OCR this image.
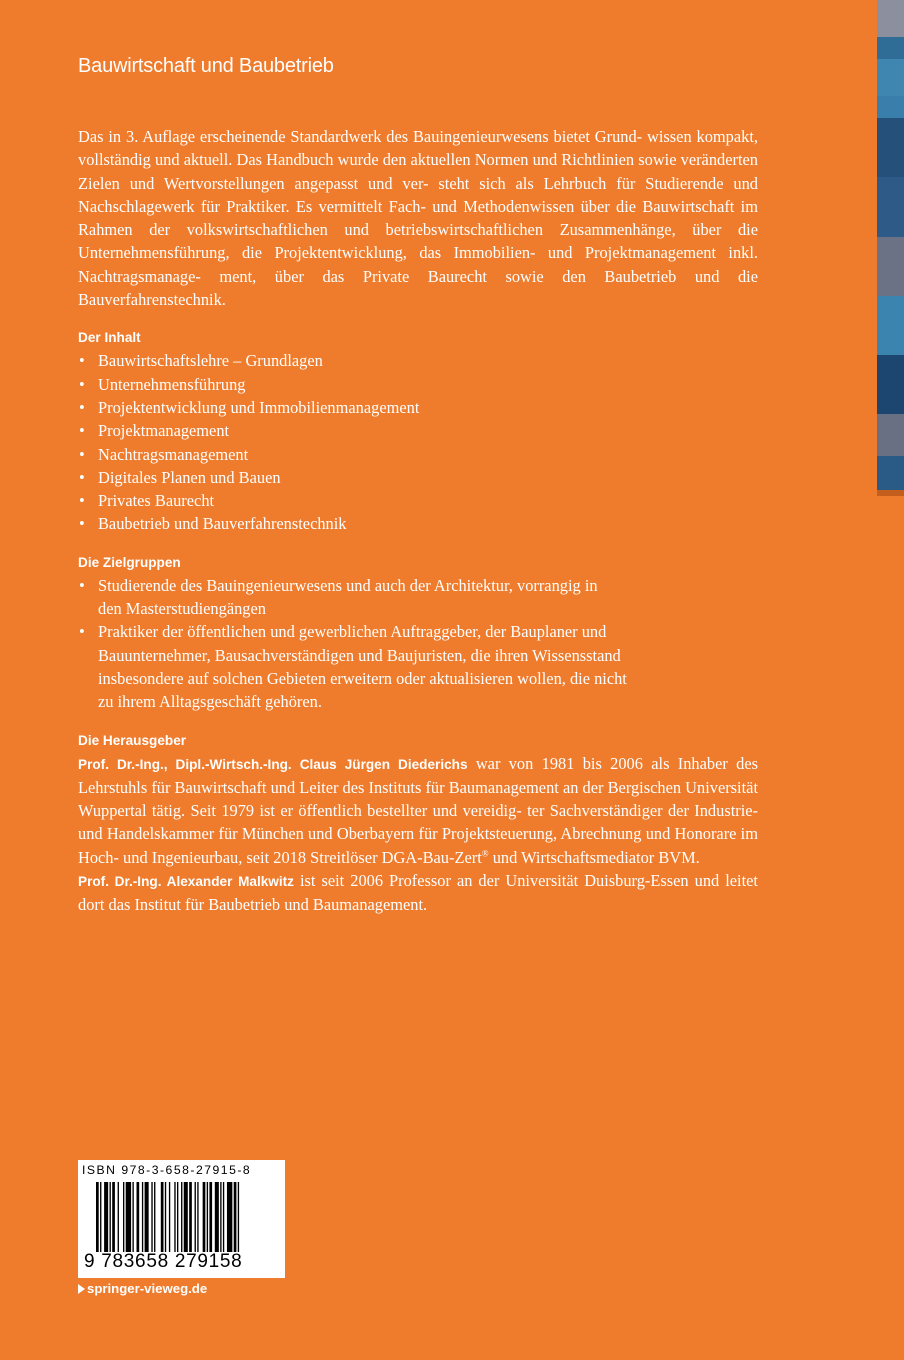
Bauwirtschaft und Baubetrieb

Das in 3. Auflage erscheinende Standardwerk des Bauingenieurwesens bietet Grund- wissen kompakt, vollständig und aktuell. Das Handbuch wurde den aktuellen Normen und Richtlinien sowie veränderten Zielen und Wertvorstellungen angepasst und ver- steht sich als Lehrbuch für Studierende und Nachschlagewerk für Praktiker. Es vermittelt Fach- und Methodenwissen über die Bauwirtschaft im Rahmen der volkswirtschaftlichen und betriebswirtschaftlichen Zusammenhänge, über die Unternehmensführung, die Projektentwicklung, das Immobilien- und Projektmanagement inkl. Nachtragsmanage- ment, über das Private Baurecht sowie den Baubetrieb und die Bauverfahrenstechnik.

Der Inhalt
• Bauwirtschaftslehre – Grundlagen
• Unternehmensführung
• Projektentwicklung und Immobilienmanagement
• Projektmanagement
• Nachtragsmanagement
• Digitales Planen und Bauen
• Privates Baurecht
• Baubetrieb und Bauverfahrenstechnik
Die Zielgruppen
• Studierende des Bauingenieurwesens und auch der Architektur, vorrangig in
den Masterstudiengängen
• Praktiker der öffentlichen und gewerblichen Auftraggeber, der Bauplaner und
Bauunternehmer, Bausachverständigen und Baujuristen, die ihren Wissensstand
insbesondere auf solchen Gebieten erweitern oder aktualisieren wollen, die nicht
zu ihrem Alltagsgeschäft gehören.
Die Herausgeber

Prof. Dr.-Ing., Dipl.-Wirtsch.-Ing. Claus Jürgen Diederichs war von 1981 bis 2006 als Inhaber des Lehrstuhls für Bauwirtschaft und Leiter des Instituts für Baumanagement an der Bergischen Universität Wuppertal tätig. Seit 1979 ist er öffentlich bestellter und vereidig- ter Sachverständiger der Industrie- und Handelskammer für München und Oberbayern für Projektsteuerung, Abrechnung und Honorare im Hoch- und Ingenieurbau, seit 2018 Streitlöser DGA-Bau-Zert® und Wirtschaftsmediator BVM.

Prof. Dr.-Ing. Alexander Malkwitz ist seit 2006 Professor an der Universität Duisburg-Essen und leitet dort das Institut für Baubetrieb und Baumanagement.

ISBN 978-3-658-27915-8
9 783658 279158
springer-vieweg.de
